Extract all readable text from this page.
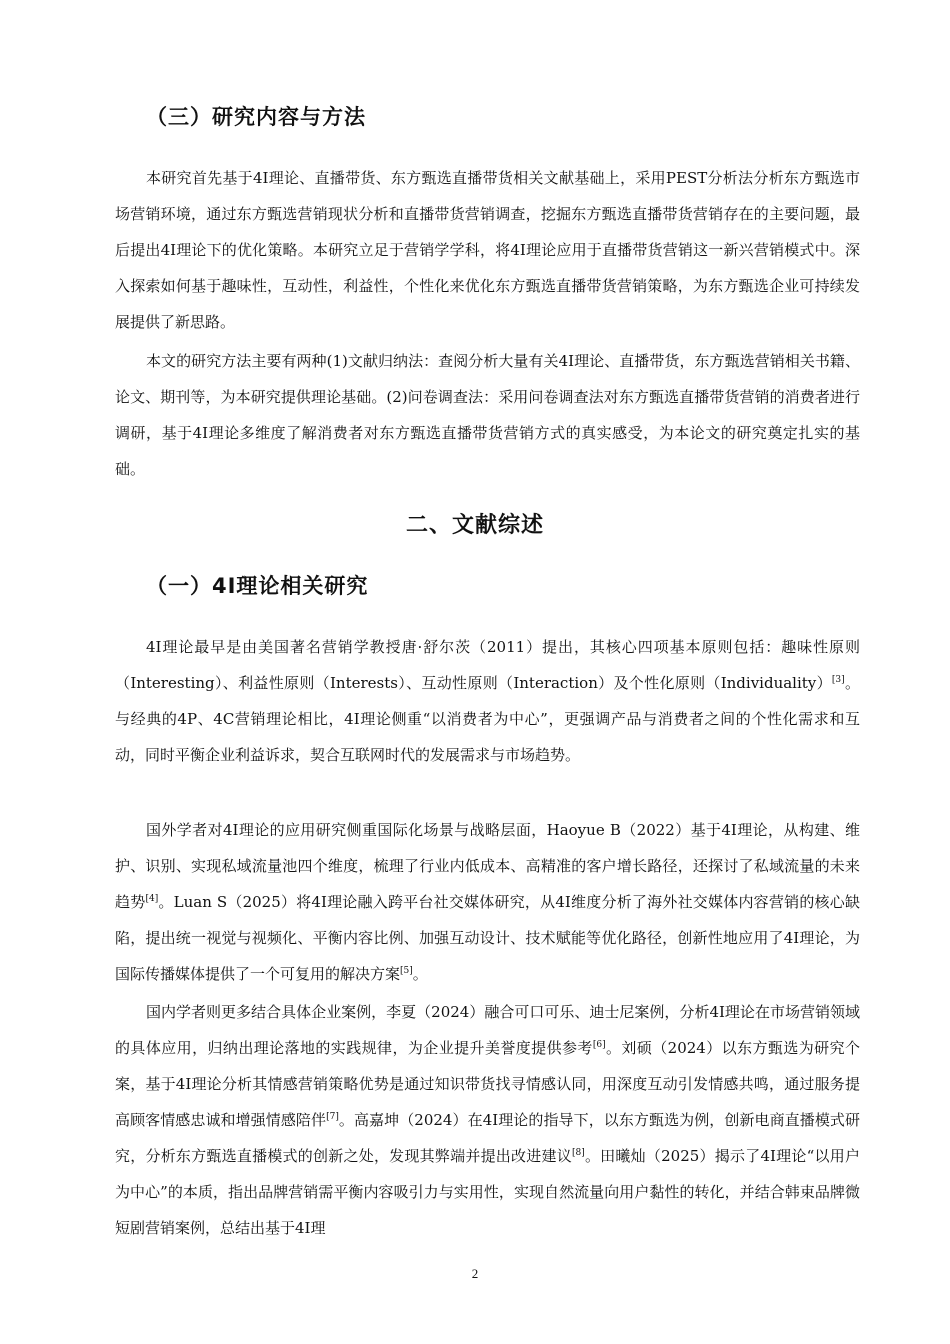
（三）研究内容与方法

本研究首先基于4I理论、直播带货、东方甄选直播带货相关文献基础上，采用PEST分析法分析东方甄选市场营销环境，通过东方甄选营销现状分析和直播带货营销调查，挖掘东方甄选直播带货营销存在的主要问题，最后提出4I理论下的优化策略。本研究立足于营销学学科，将4I理论应用于直播带货营销这一新兴营销模式中。深入探索如何基于趣味性，互动性，利益性，个性化来优化东方甄选直播带货营销策略，为东方甄选企业可持续发展提供了新思路。

本文的研究方法主要有两种(1)文献归纳法：查阅分析大量有关4I理论、直播带货，东方甄选营销相关书籍、论文、期刊等，为本研究提供理论基础。(2)问卷调查法：采用问卷调查法对东方甄选直播带货营销的消费者进行调研，基于4I理论多维度了解消费者对东方甄选直播带货营销方式的真实感受，为本论文的研究奠定扎实的基础。

二、文献综述
（一）4I理论相关研究

4I理论最早是由美国著名营销学教授唐·舒尔茨（2011）提出，其核心四项基本原则包括：趣味性原则（Interesting）、利益性原则（Interests）、互动性原则（Interaction）及个性化原则（Individuality）[3]。与经典的4P、4C营销理论相比，4I理论侧重“以消费者为中心”，更强调产品与消费者之间的个性化需求和互动，同时平衡企业利益诉求，契合互联网时代的发展需求与市场趋势。

国外学者对4I理论的应用研究侧重国际化场景与战略层面，Haoyue B（2022）基于4I理论，从构建、维护、识别、实现私域流量池四个维度，梳理了行业内低成本、高精准的客户增长路径，还探讨了私域流量的未来趋势[4]。Luan S（2025）将4I理论融入跨平台社交媒体研究，从4I维度分析了海外社交媒体内容营销的核心缺陷，提出统一视觉与视频化、平衡内容比例、加强互动设计、技术赋能等优化路径，创新性地应用了4I理论，为国际传播媒体提供了一个可复用的解决方案[5]。

国内学者则更多结合具体企业案例，李夏（2024）融合可口可乐、迪士尼案例，分析4I理论在市场营销领域的具体应用，归纳出理论落地的实践规律，为企业提升美誉度提供参考[6]。刘硕（2024）以东方甄选为研究个案，基于4I理论分析其情感营销策略优势是通过知识带货找寻情感认同，用深度互动引发情感共鸣，通过服务提高顾客情感忠诚和增强情感陪伴[7]。高嘉坤（2024）在4I理论的指导下，以东方甄选为例，创新电商直播模式研究，分析东方甄选直播模式的创新之处，发现其弊端并提出改进建议[8]。田曦灿（2025）揭示了4I理论“以用户为中心”的本质，指出品牌营销需平衡内容吸引力与实用性，实现自然流量向用户黏性的转化，并结合韩束品牌微短剧营销案例，总结出基于4I理

2
